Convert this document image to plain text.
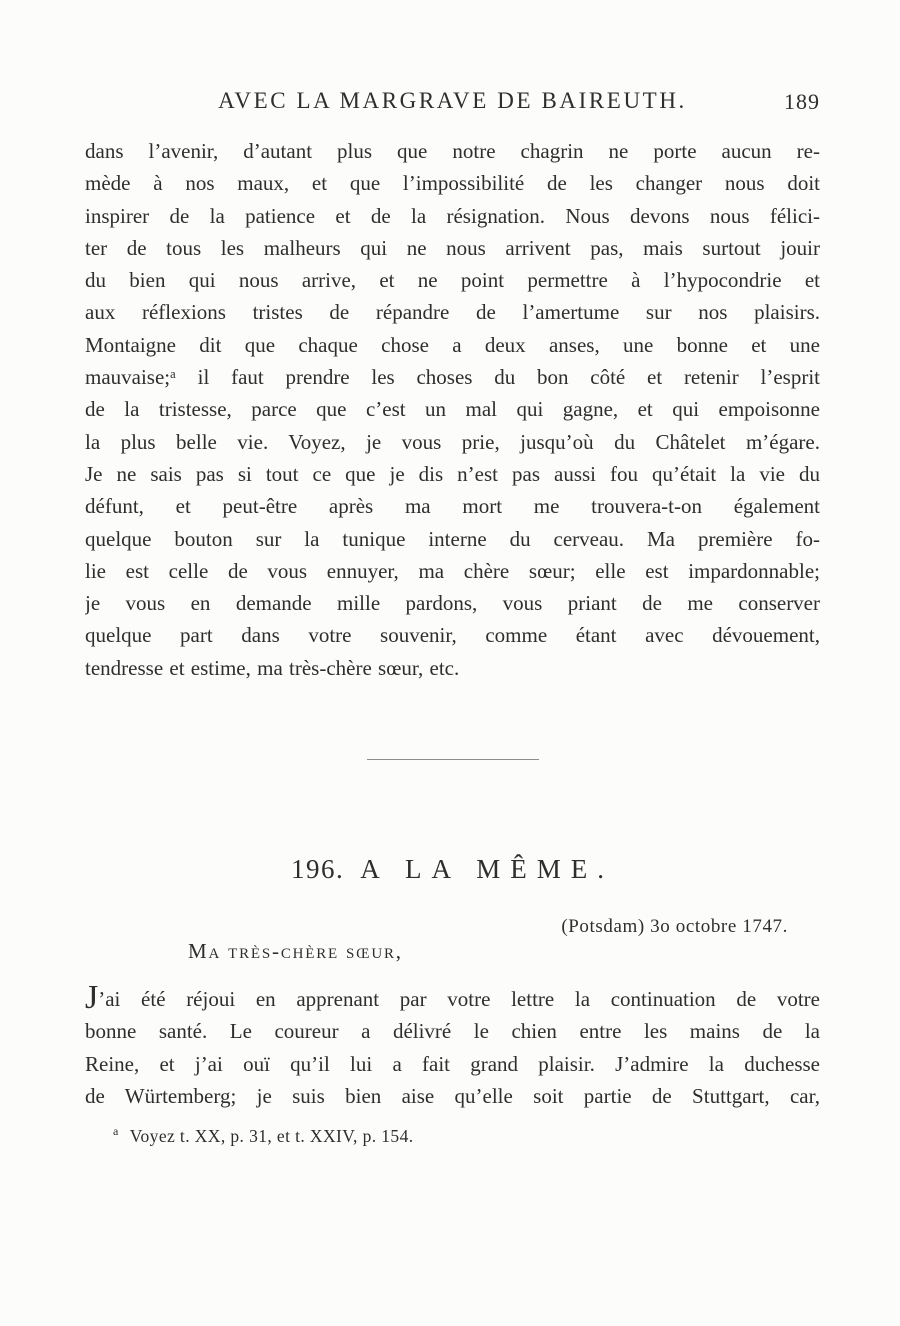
AVEC LA MARGRAVE DE BAIREUTH.	189
dans l’avenir, d’autant plus que notre chagrin ne porte aucun re-
mède à nos maux, et que l’impossibilité de les changer nous doit
inspirer de la patience et de la résignation. Nous devons nous félici-
ter de tous les malheurs qui ne nous arrivent pas, mais surtout jouir
du bien qui nous arrive, et ne point permettre à l’hypocondrie et
aux réflexions tristes de répandre de l’amertume sur nos plaisirs.
Montaigne dit que chaque chose a deux anses, une bonne et une
mauvaise;ᵃ il faut prendre les choses du bon côté et retenir l’esprit
de la tristesse, parce que c’est un mal qui gagne, et qui empoisonne
la plus belle vie. Voyez, je vous prie, jusqu’où du Châtelet m’égare.
Je ne sais pas si tout ce que je dis n’est pas aussi fou qu’était la vie du
défunt, et peut-être après ma mort me trouvera-t-on également
quelque bouton sur la tunique interne du cerveau. Ma première fo-
lie est celle de vous ennuyer, ma chère sœur; elle est impardonnable;
je vous en demande mille pardons, vous priant de me conserver
quelque part dans votre souvenir, comme étant avec dévouement,
tendresse et estime, ma très-chère sœur, etc.
196. A LA MÊME.
(Potsdam) 3o octobre 1747.
Ma très-chère sœur,
J’ai été réjoui en apprenant par votre lettre la continuation de votre
bonne santé. Le coureur a délivré le chien entre les mains de la
Reine, et j’ai ouï qu’il lui a fait grand plaisir. J’admire la duchesse
de Würtemberg; je suis bien aise qu’elle soit partie de Stuttgart, car,
$^a$ Voyez t. XX, p. 31, et t. XXIV, p. 154.
